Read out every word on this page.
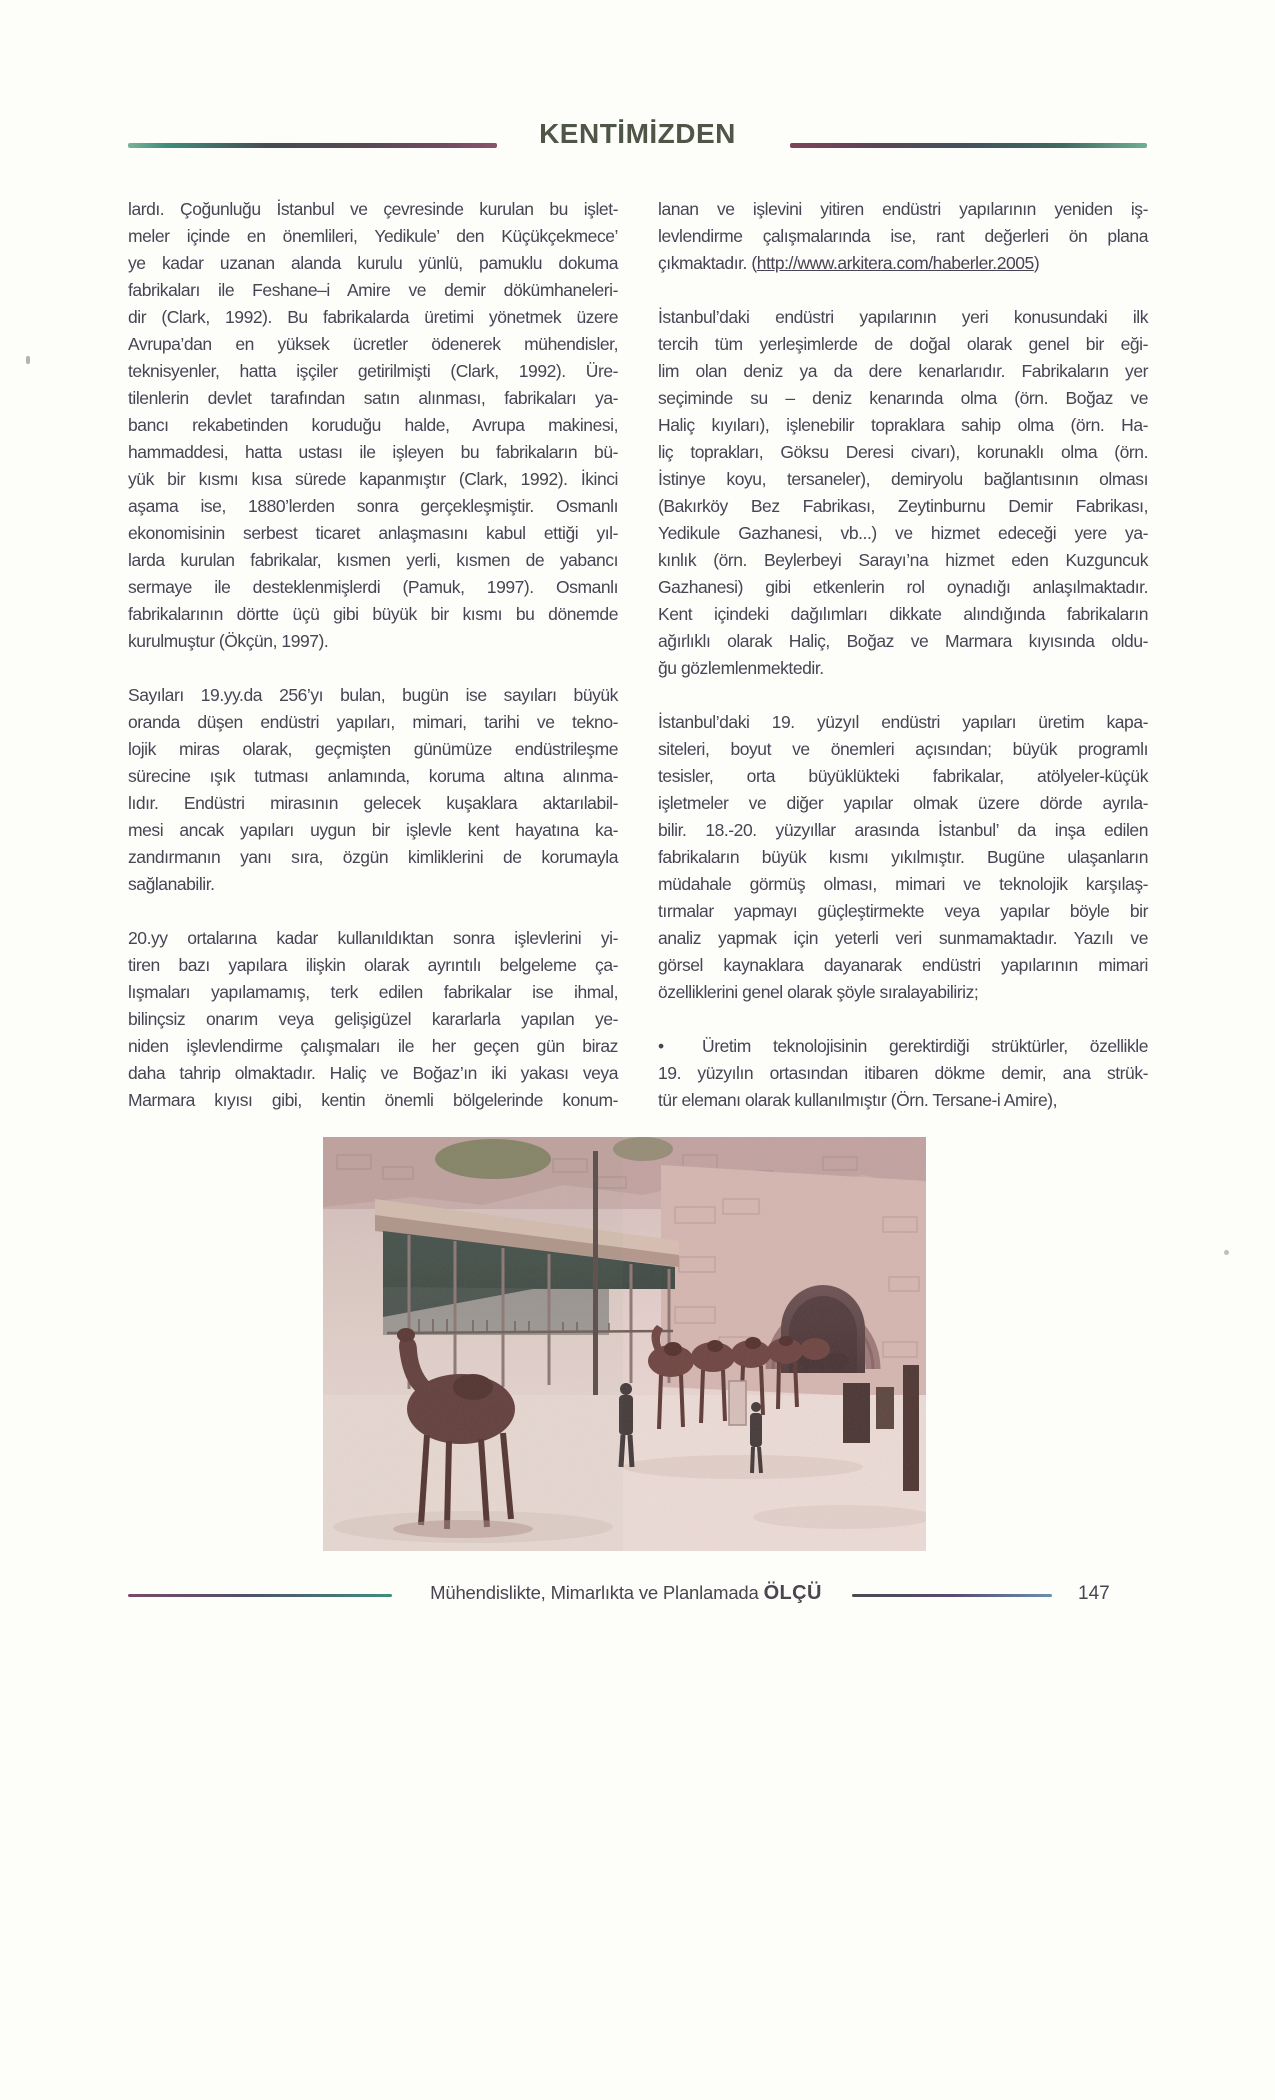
KENTİMİZDEN
lardı. Çoğunluğu İstanbul ve çevresinde kurulan bu işlet-
meler içinde en önemlileri, Yedikule’ den Küçükçekmece’
ye kadar uzanan alanda kurulu yünlü, pamuklu dokuma
fabrikaları ile Feshane–i Amire ve demir dökümhaneleri-
dir (Clark, 1992). Bu fabrikalarda üretimi yönetmek üzere
Avrupa’dan en yüksek ücretler ödenerek mühendisler,
teknisyenler, hatta işçiler getirilmişti (Clark, 1992). Üre-
tilenlerin devlet tarafından satın alınması, fabrikaları ya-
bancı rekabetinden koruduğu halde, Avrupa makinesi,
hammaddesi, hatta ustası ile işleyen bu fabrikaların bü-
yük bir kısmı kısa sürede kapanmıştır (Clark, 1992). İkinci
aşama ise, 1880’lerden sonra gerçekleşmiştir. Osmanlı
ekonomisinin serbest ticaret anlaşmasını kabul ettiği yıl-
larda kurulan fabrikalar, kısmen yerli, kısmen de yabancı
sermaye ile desteklenmişlerdi (Pamuk, 1997). Osmanlı
fabrikalarının dörtte üçü gibi büyük bir kısmı bu dönemde
kurulmuştur (Ökçün, 1997).
Sayıları 19.yy.da 256’yı bulan, bugün ise sayıları büyük
oranda düşen endüstri yapıları, mimari, tarihi ve tekno-
lojik miras olarak, geçmişten günümüze endüstrileşme
sürecine ışık tutması anlamında, koruma altına alınma-
lıdır. Endüstri mirasının gelecek kuşaklara aktarılabil-
mesi ancak yapıları uygun bir işlevle kent hayatına ka-
zandırmanın yanı sıra, özgün kimliklerini de korumayla
sağlanabilir.
20.yy ortalarına kadar kullanıldıktan sonra işlevlerini yi-
tiren bazı yapılara ilişkin olarak ayrıntılı belgeleme ça-
lışmaları yapılamamış, terk edilen fabrikalar ise ihmal,
bilinçsiz onarım veya gelişigüzel kararlarla yapılan ye-
niden işlevlendirme çalışmaları ile her geçen gün biraz
daha tahrip olmaktadır. Haliç ve Boğaz’ın iki yakası veya
Marmara kıyısı gibi, kentin önemli bölgelerinde konum-
lanan ve işlevini yitiren endüstri yapılarının yeniden iş-
levlendirme çalışmalarında ise, rant değerleri ön plana
çıkmaktadır. (http://www.arkitera.com/haberler.2005)
İstanbul’daki endüstri yapılarının yeri konusundaki ilk
tercih tüm yerleşimlerde de doğal olarak genel bir eği-
lim olan deniz ya da dere kenarlarıdır. Fabrikaların yer
seçiminde su – deniz kenarında olma (örn. Boğaz ve
Haliç kıyıları), işlenebilir topraklara sahip olma (örn. Ha-
liç toprakları, Göksu Deresi civarı), korunaklı olma (örn.
İstinye koyu, tersaneler), demiryolu bağlantısının olması
(Bakırköy Bez Fabrikası, Zeytinburnu Demir Fabrikası,
Yedikule Gazhanesi, vb...) ve hizmet edeceği yere ya-
kınlık (örn. Beylerbeyi Sarayı’na hizmet eden Kuzguncuk
Gazhanesi) gibi etkenlerin rol oynadığı anlaşılmaktadır.
Kent içindeki dağılımları dikkate alındığında fabrikaların
ağırlıklı olarak Haliç, Boğaz ve Marmara kıyısında oldu-
ğu gözlemlenmektedir.
İstanbul’daki 19. yüzyıl endüstri yapıları üretim kapa-
siteleri, boyut ve önemleri açısından; büyük programlı
tesisler, orta büyüklükteki fabrikalar, atölyeler-küçük
işletmeler ve diğer yapılar olmak üzere dörde ayrıla-
bilir. 18.-20. yüzyıllar arasında İstanbul’ da inşa edilen
fabrikaların büyük kısmı yıkılmıştır. Bugüne ulaşanların
müdahale görmüş olması, mimari ve teknolojik karşılaş-
tırmalar yapmayı güçleştirmekte veya yapılar böyle bir
analiz yapmak için yeterli veri sunmamaktadır. Yazılı ve
görsel kaynaklara dayanarak endüstri yapılarının mimari
özelliklerini genel olarak şöyle sıralayabiliriz;
•	Üretim teknolojisinin gerektirdiği strüktürler, özellikle
19. yüzyılın ortasından itibaren dökme demir, ana strük-
tür elemanı olarak kullanılmıştır (Örn. Tersane-i Amire),
Mühendislikte, Mimarlıkta ve Planlamada ÖLÇÜ	147
